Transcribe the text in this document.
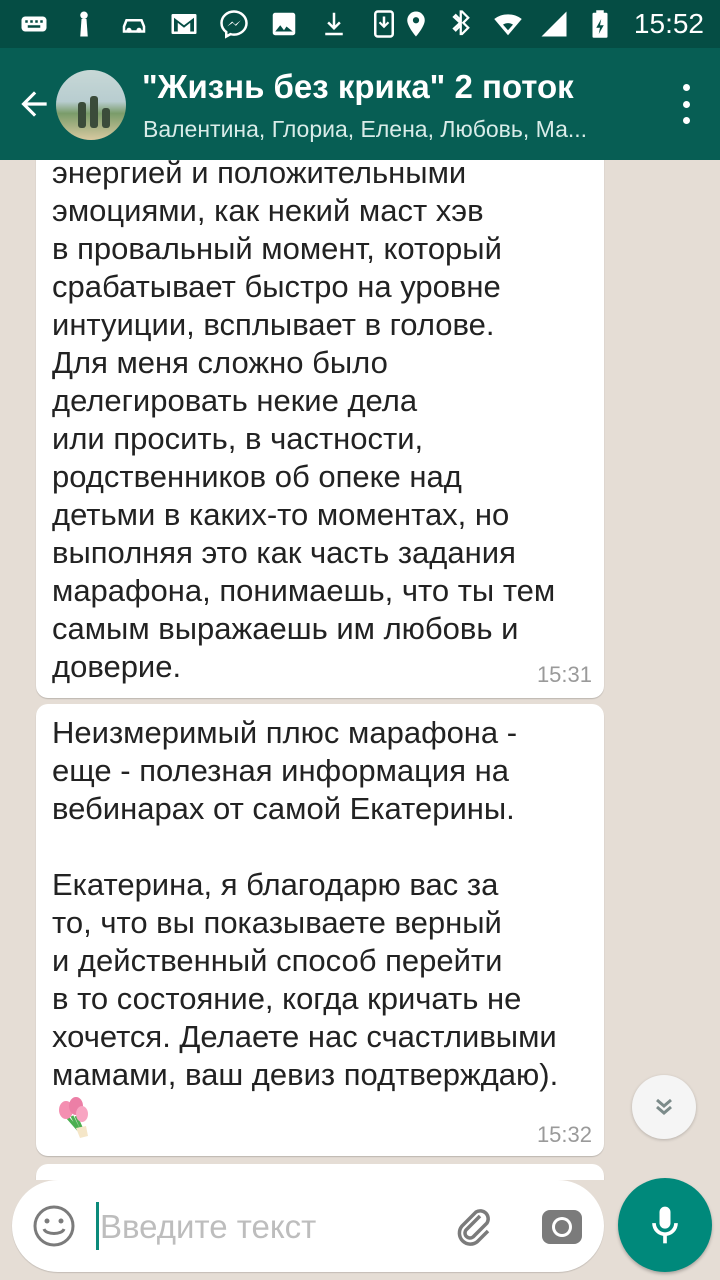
15:52
"Жизнь без крика" 2 поток
Валентина, Глориа, Елена, Любовь, Ма...
энергией и положительными
эмоциями, как некий маст хэв
в провальный момент, который
срабатывает быстро на уровне
интуиции, всплывает в голове.
Для меня сложно было
делегировать некие дела
или просить, в частности,
родственников об опеке над
детьми в каких-то моментах, но
выполняя это как часть задания
марафона, понимаешь, что ты тем
самым выражаешь им любовь и
доверие.	15:31
Неизмеримый плюс марафона -
еще - полезная информация на
вебинарах от самой Екатерины.

Екатерина, я благодарю вас за
то, что вы показываете верный
и действенный способ перейти
в то состояние, когда кричать не
хочется. Делаете нас счастливыми
мамами, ваш девиз подтверждаю).
15:32
Введите текст
